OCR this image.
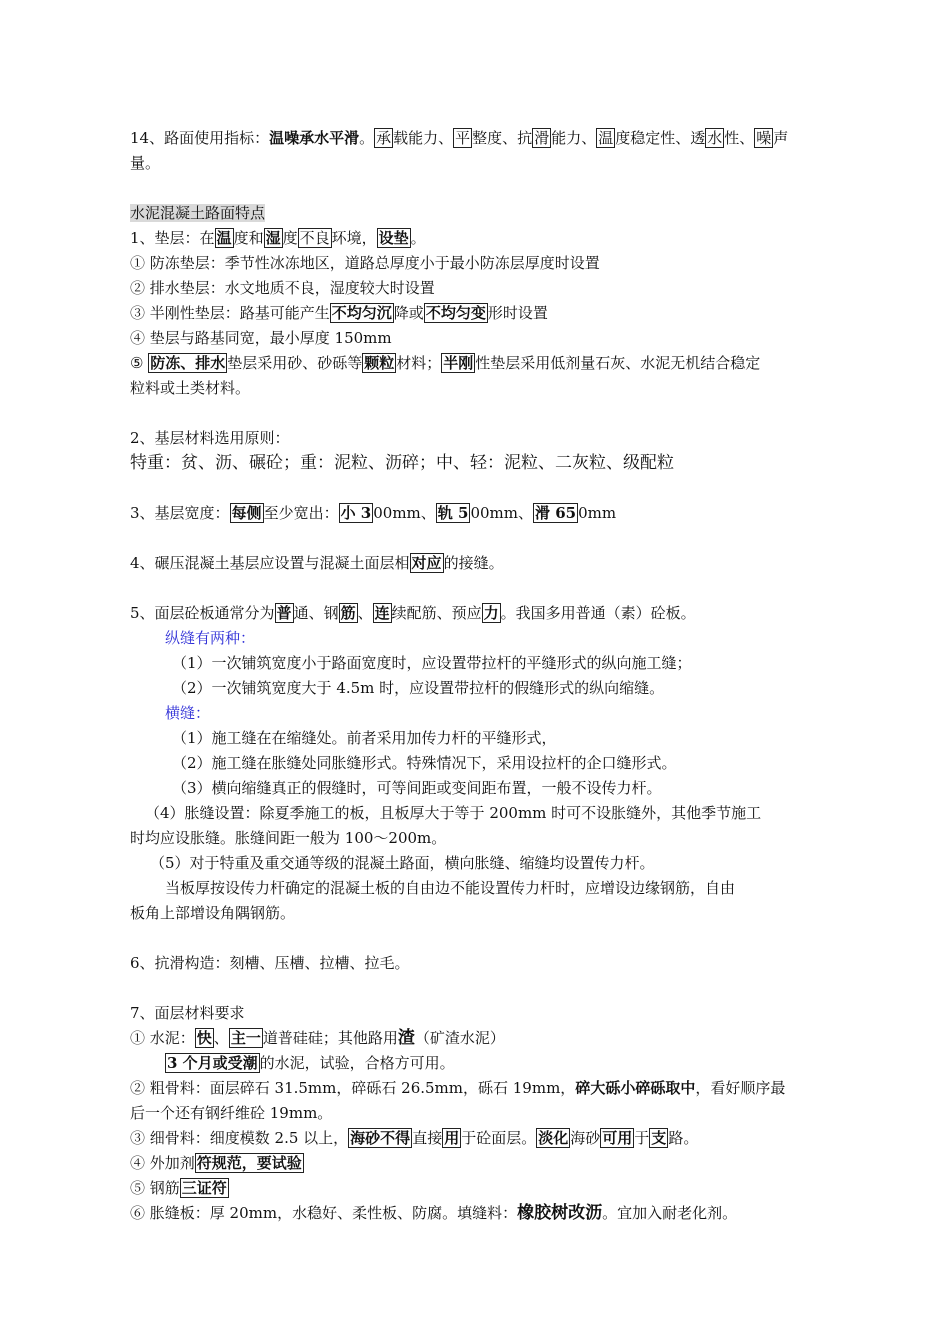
14、路面使用指标：温噪承水平滑。 承 载能力、 平 整度、抗 滑 能力、 温 度稳定性、透 水 性、 噪 声
量。
水泥混凝土路面特点
1、垫层：在 温 度和 湿 度 不良 环境， 设垫 。
① 防冻垫层：季节性冰冻地区，道路总厚度小于最小防冻层厚度时设置
② 排水垫层：水文地质不良，湿度较大时设置
③ 半刚性垫层：路基可能产生 不均匀沉 降或 不均匀变 形时设置
④ 垫层与路基同宽，最小厚度 150mm
⑤ 防冻、排水 垫层采用砂、砂砾等 颗粒 材料； 半刚 性垫层采用低剂量石灰、水泥无机结合稳定
粒料或土类材料。
2、基层材料选用原则：
特重：贫、沥、碾砼；重：泥粒、沥碎；中、轻：泥粒、二灰粒、级配粒
3、基层宽度： 每侧 至少宽出： 小 3 00mm、 轨 5 00mm、 滑 65 0mm
4、碾压混凝土基层应设置与混凝土面层相 对应 的接缝。
5、面层砼板通常分为 普 通、钢 筋 、 连 续配筋、预应 力 。我国多用普通（素）砼板。
纵缝有两种：
（1）一次铺筑宽度小于路面宽度时，应设置带拉杆的平缝形式的纵向施工缝；
（2）一次铺筑宽度大于 4.5m 时，应设置带拉杆的假缝形式的纵向缩缝。
横缝：
（1）施工缝在在缩缝处。前者采用加传力杆的平缝形式，
（2）施工缝在胀缝处同胀缝形式。特殊情况下，采用设拉杆的企口缝形式。
（3）横向缩缝真正的假缝时，可等间距或变间距布置，一般不设传力杆。
（4）胀缝设置：除夏季施工的板，且板厚大于等于 200mm 时可不设胀缝外，其他季节施工
时均应设胀缝。胀缝间距一般为 100～200m。
（5）对于特重及重交通等级的混凝土路面，横向胀缝、缩缝均设置传力杆。
当板厚按设传力杆确定的混凝土板的自由边不能设置传力杆时，应增设边缘钢筋，自由
板角上部增设角隅钢筋。
6、抗滑构造：刻槽、压槽、拉槽、拉毛。
7、面层材料要求
① 水泥： 快 、 主一 道普硅硅；其他路用渣（矿渣水泥）
3 个月或受潮 的水泥，试验，合格方可用。
② 粗骨料：面层碎石 31.5mm，碎砾石 26.5mm，砾石 19mm，碎大砾小碎砾取中，看好顺序最
后一个还有钢纤维砼 19mm。
③ 细骨料：细度模数 2.5 以上， 海砂不得 直接 用 于砼面层。 淡化 海砂 可用 于 支 路。
④ 外加剂 符规范，要试验
⑤ 钢筋 三证符
⑥ 胀缝板：厚 20mm，水稳好、柔性板、防腐。填缝料：橡胶树改沥。宜加入耐老化剂。
